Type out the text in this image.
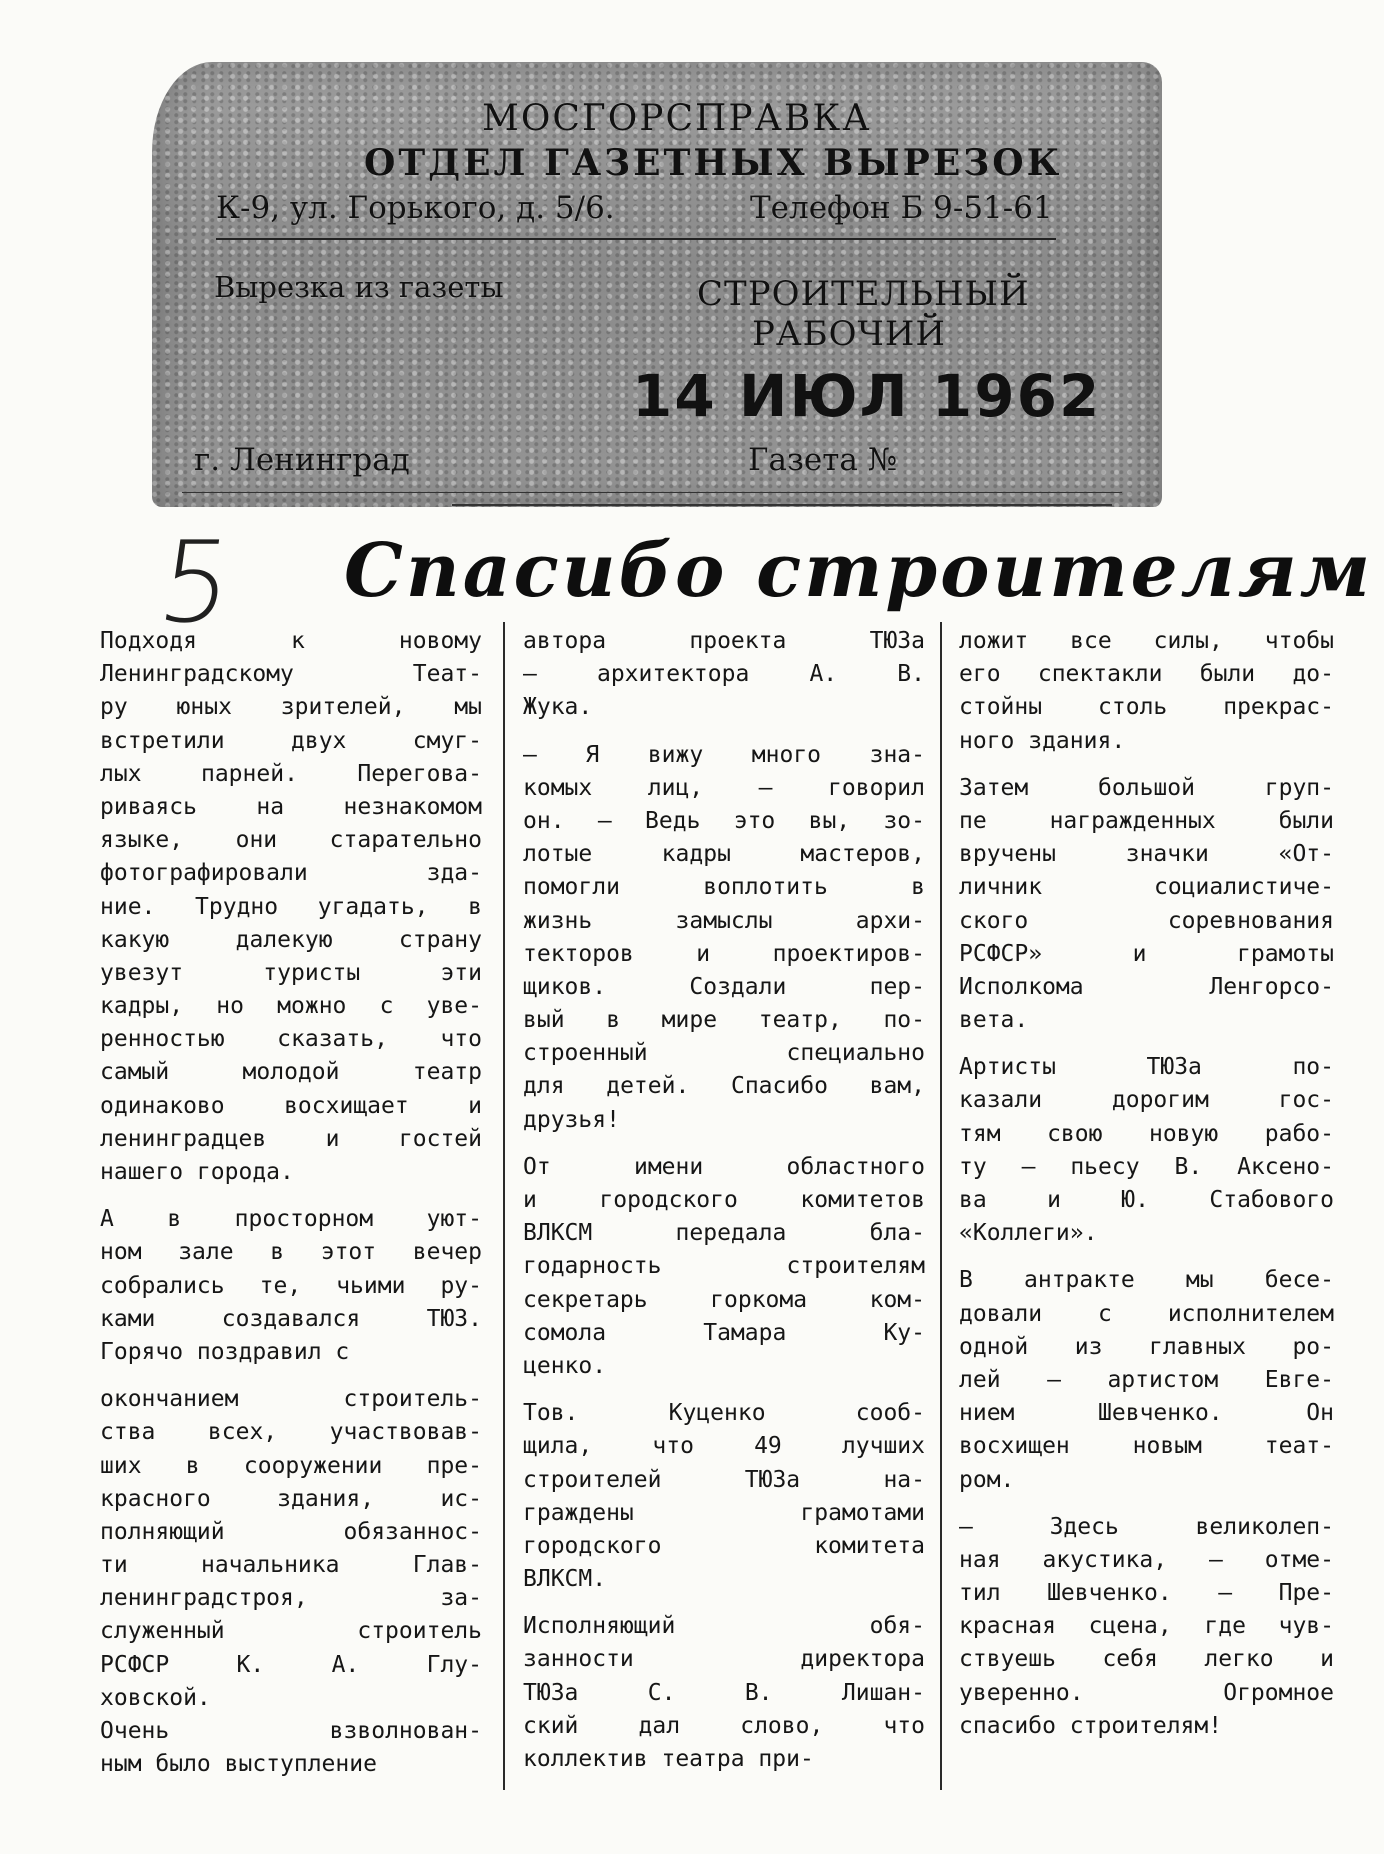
МОСГОРСПРАВКА
ОТДЕЛ ГАЗЕТНЫХ ВЫРЕЗОК
К-9, ул. Горького, д. 5/6.	Телефон Б 9-51-61
Вырезка из газеты	СТРОИТЕЛЬНЫЙ
РАБОЧИЙ
14 ИЮЛ 1962
г. Ленинград	Газета №
5 Спасибо строителям
Подходя к новому
Ленинградскому Теат-
ру юных зрителей, мы
встретили двух смуг-
лых парней. Перегова-
риваясь на незнакомом
языке, они старательно
фотографировали зда-
ние. Трудно угадать, в
какую далекую страну
увезут туристы эти
кадры, но можно с уве-
ренностью сказать, что
самый молодой театр
одинаково восхищает и
ленинградцев и гостей
нашего города.
А в просторном уют-
ном зале в этот вечер
собрались те, чьими ру-
ками создавался ТЮЗ.
Горячо поздравил с
окончанием строитель-
ства всех, участвовав-
ших в сооружении пре-
красного здания, ис-
полняющий обязаннос-
ти начальника Глав-
ленинградстроя, за-
служенный строитель
РСФСР К. А. Глу-
ховской.
Очень взволнован-
ным было выступление
автора проекта ТЮЗа
— архитектора А. В.
Жука.
— Я вижу много зна-
комых лиц, — говорил
он. — Ведь это вы, зо-
лотые кадры мастеров,
помогли воплотить в
жизнь замыслы архи-
текторов и проектиров-
щиков. Создали пер-
вый в мире театр, по-
строенный специально
для детей. Спасибо вам,
друзья!
От имени областного
и городского комитетов
ВЛКСМ передала бла-
годарность строителям
секретарь горкома ком-
сомола Тамара Ку-
ценко.
Тов. Куценко сооб-
щила, что 49 лучших
строителей ТЮЗа на-
граждены грамотами
городского комитета
ВЛКСМ.
Исполняющий обя-
занности директора
ТЮЗа С. В. Лишан-
ский дал слово, что
коллектив театра при-
ложит все силы, чтобы
его спектакли были до-
стойны столь прекрас-
ного здания.
Затем большой груп-
пе награжденных были
вручены значки «От-
личник социалистиче-
ского соревнования
РСФСР» и грамоты
Исполкома Ленгорсо-
вета.
Артисты ТЮЗа по-
казали дорогим гос-
тям свою новую рабо-
ту — пьесу В. Аксено-
ва и Ю. Стабового
«Коллеги».
В антракте мы бесе-
довали с исполнителем
одной из главных ро-
лей — артистом Евге-
нием Шевченко. Он
восхищен новым теат-
ром.
— Здесь великолеп-
ная акустика, — отме-
тил Шевченко. — Пре-
красная сцена, где чув-
ствуешь себя легко и
уверенно. Огромное
спасибо строителям!
